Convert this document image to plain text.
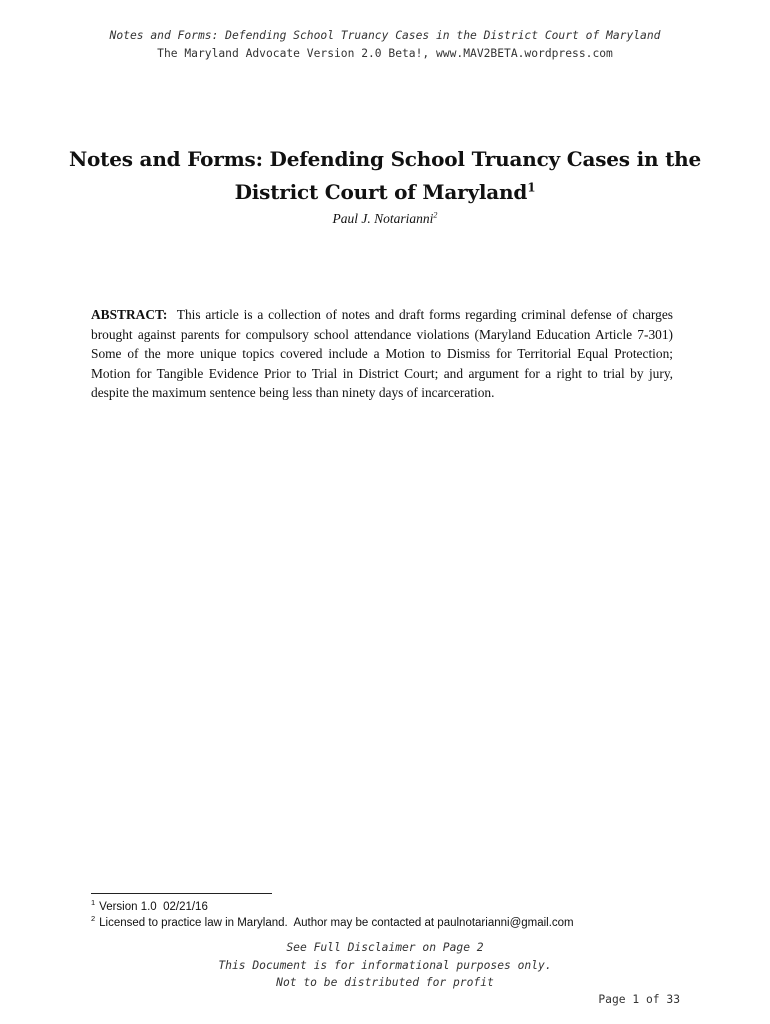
Notes and Forms: Defending School Truancy Cases in the District Court of Maryland
The Maryland Advocate Version 2.0 Beta!, www.MAV2BETA.wordpress.com
Notes and Forms: Defending School Truancy Cases in the District Court of Maryland$^1$
Paul J. Notarianni$^2$
ABSTRACT: This article is a collection of notes and draft forms regarding criminal defense of charges brought against parents for compulsory school attendance violations (Maryland Education Article 7-301) Some of the more unique topics covered include a Motion to Dismiss for Territorial Equal Protection; Motion for Tangible Evidence Prior to Trial in District Court; and argument for a right to trial by jury, despite the maximum sentence being less than ninety days of incarceration.
$^1$ Version 1.0  02/21/16
$^2$ Licensed to practice law in Maryland.  Author may be contacted at paulnotarianni@gmail.com
See Full Disclaimer on Page 2
This Document is for informational purposes only.
Not to be distributed for profit
Page 1 of 33
